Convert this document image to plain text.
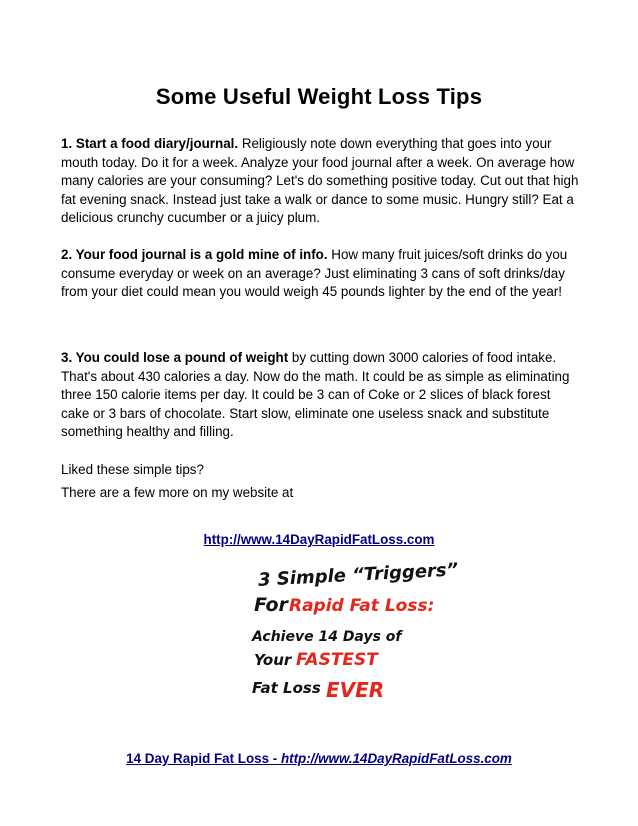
Some Useful Weight Loss Tips
1. Start a food diary/journal. Religiously note down everything that goes into your mouth today. Do it for a week. Analyze your food journal after a week. On average how many calories are your consuming? Let's do something positive today. Cut out that high fat evening snack. Instead just take a walk or dance to some music. Hungry still? Eat a delicious crunchy cucumber or a juicy plum.
2. Your food journal is a gold mine of info. How many fruit juices/soft drinks do you consume everyday or week on an average? Just eliminating 3 cans of soft drinks/day from your diet could mean you would weigh 45 pounds lighter by the end of the year!
3. You could lose a pound of weight by cutting down 3000 calories of food intake. That's about 430 calories a day. Now do the math. It could be as simple as eliminating three 150 calorie items per day. It could be 3 can of Coke or 2 slices of black forest cake or 3 bars of chocolate. Start slow, eliminate one useless snack and substitute something healthy and filling.
Liked these simple tips?
There are a few more on my website at
http://www.14DayRapidFatLoss.com
3 Simple “Triggers”
For Rapid Fat Loss:
Achieve 14 Days of
Your FASTEST
Fat Loss EVER
14 Day Rapid Fat Loss - http://www.14DayRapidFatLoss.com
